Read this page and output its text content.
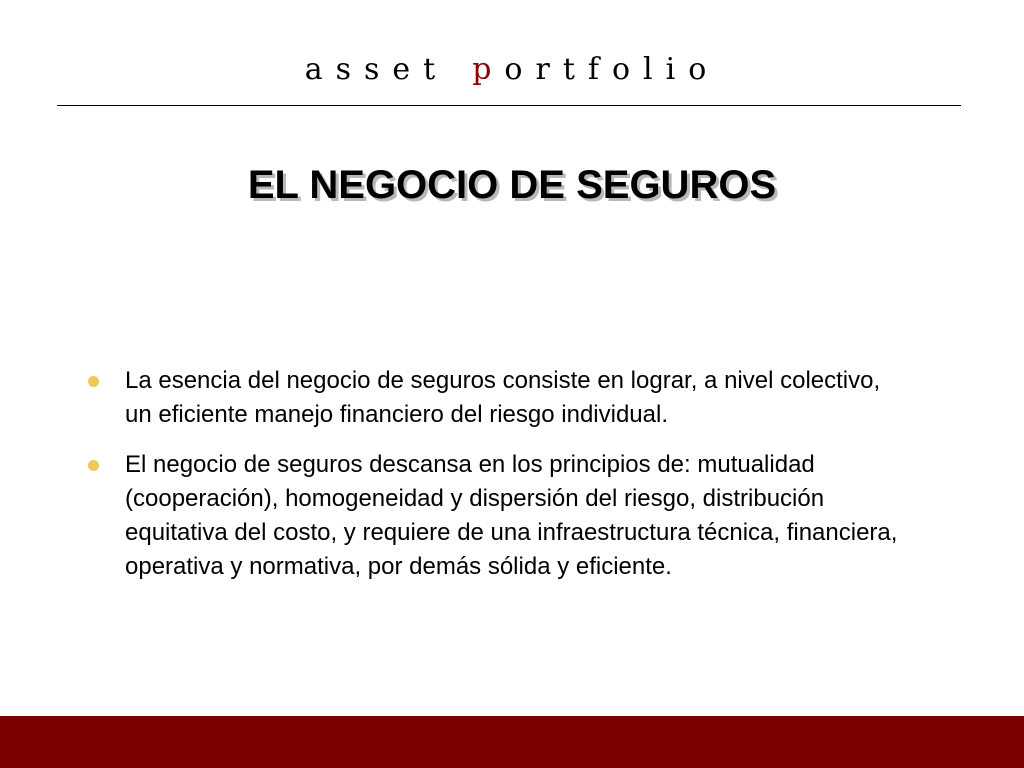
asset portfolio
EL NEGOCIO DE SEGUROS
La esencia del negocio de seguros consiste en lograr, a nivel colectivo, un eficiente manejo financiero del riesgo individual.
El negocio de seguros descansa en los principios de: mutualidad (cooperación), homogeneidad y dispersión del riesgo, distribución equitativa del costo, y requiere de una infraestructura técnica, financiera, operativa y normativa, por demás sólida y eficiente.
